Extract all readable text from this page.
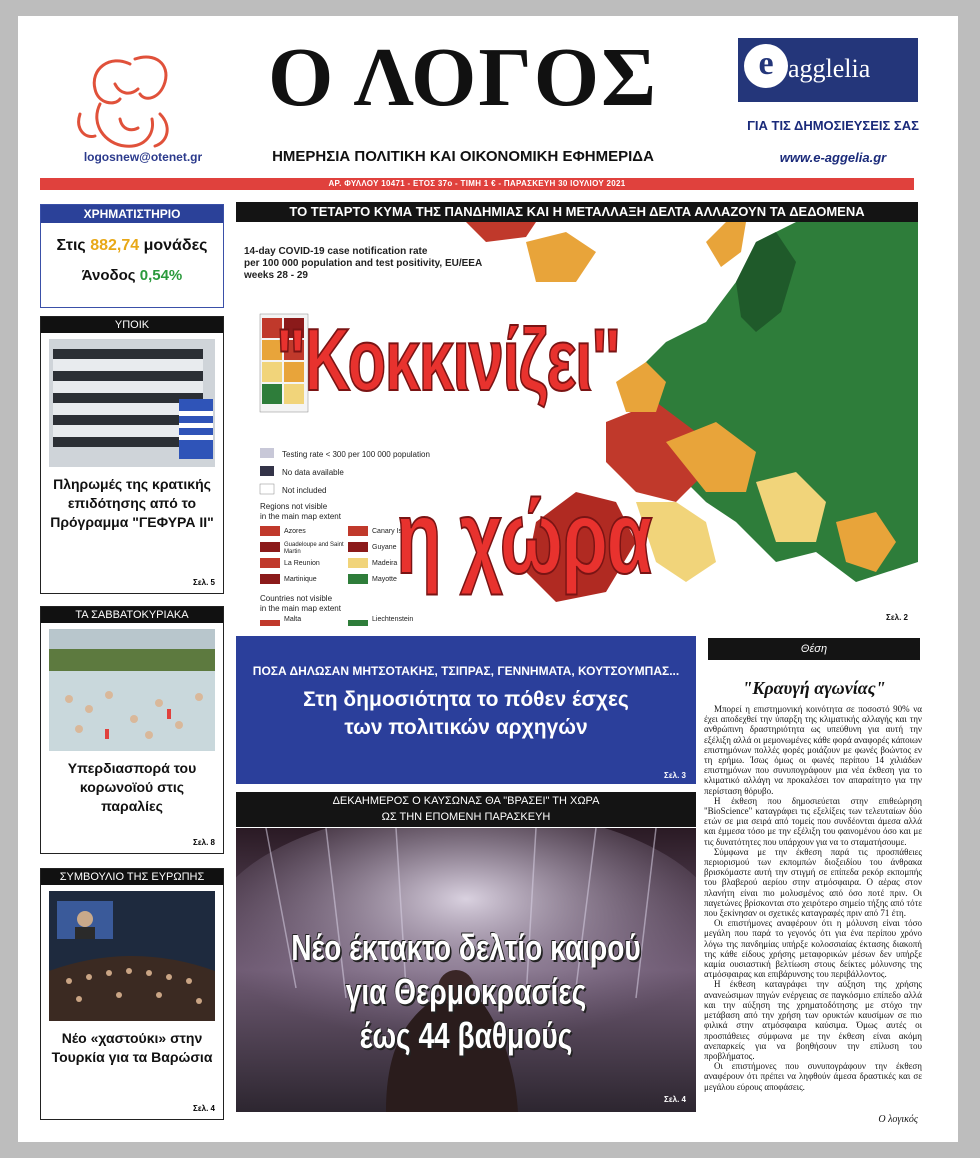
logosnew@otenet.gr
Ο ΛΟΓΟΣ
ΗΜΕΡΗΣΙΑ ΠΟΛΙΤΙΚΗ ΚΑΙ ΟΙΚΟΝΟΜΙΚΗ ΕΦΗΜΕΡΙΔΑ
e agglelia
ΓΙΑ ΤΙΣ ΔΗΜΟΣΙΕΥΣΕΙΣ ΣΑΣ
www.e-aggelia.gr
ΑΡ. ΦΥΛΛΟΥ 10471 - ΕΤΟΣ 37ο - ΤΙΜΗ 1 € - ΠΑΡΑΣΚΕΥΗ 30 ΙΟΥΛΙΟΥ 2021
ΧΡΗΜΑΤΙΣΤΗΡΙΟ
Στις 882,74 μονάδες
Άνοδος 0,54%
ΥΠΟΙΚ
Πληρωμές της κρατικής επιδότησης από το Πρόγραμμα "ΓΕΦΥΡΑ ΙΙ"
Σελ. 5
ΤΑ ΣΑΒΒΑΤΟΚΥΡΙΑΚΑ
Υπερδιασπορά του κορωνοϊού στις παραλίες
Σελ. 8
ΣΥΜΒΟΥΛΙΟ ΤΗΣ ΕΥΡΩΠΗΣ
Νέο «χαστούκι» στην Τουρκία για τα Βαρώσια
Σελ. 4
ΤΟ ΤΕΤΑΡΤΟ ΚΥΜΑ ΤΗΣ ΠΑΝΔΗΜΙΑΣ ΚΑΙ Η ΜΕΤΑΛΛΑΞΗ ΔΕΛΤΑ ΑΛΛΑΖΟΥΝ ΤΑ ΔΕΔΟΜΕΝΑ
14-day COVID-19 case notification rate
per 100 000 population and test positivity, EU/EEA
weeks 28 - 29
Testing rate < 300 per 100 000 population
No data available
Not included
Regions not visible
in the main map extent
Azores	Canary Is.
Guadeloupe and Saint Martin
Guyane
La Reunion	Madeira
Martinique	Mayotte
Countries not visible
in the main map extent
Malta	Liechtenstein
"Κοκκινίζει"
η χώρα
Σελ. 2
ΠΟΣΑ ΔΗΛΩΣΑΝ ΜΗΤΣΟΤΑΚΗΣ, ΤΣΙΠΡΑΣ, ΓΕΝΝΗΜΑΤΑ, ΚΟΥΤΣΟΥΜΠΑΣ...
Στη δημοσιότητα το πόθεν έσχες
των πολιτικών αρχηγών
Σελ. 3
ΔΕΚΑΗΜΕΡΟΣ Ο ΚΑΥΣΩΝΑΣ ΘΑ "ΒΡΑΣΕΙ" ΤΗ ΧΩΡΑ
ΩΣ ΤΗΝ ΕΠΟΜΕΝΗ ΠΑΡΑΣΚΕΥΗ
Νέο έκτακτο δελτίο καιρού
για Θερμοκρασίες
έως 44 βαθμούς
Σελ. 4
Θέση
"Κραυγή αγωνίας"

Μπορεί η επιστημονική κοινότητα σε ποσοστό 90% να έχει αποδεχθεί την ύπαρξη της κλιματικής αλλαγής και την ανθρώπινη δραστηριότητα ως υπεύθυνη για αυτή την εξέλιξη αλλά οι μεμονωμένες κάθε φορά αναφορές κάποιων επιστημόνων πολλές φορές μοιάζουν με φωνές βοώντος εν τη ερήμω. Ίσως όμως οι φωνές περίπου 14 χιλιάδων επιστημόνων που συνυπογράφουν μια νέα έκθεση για το κλιματικό αλλάγη να προκαλέσει τον απαραίτητο για την περίσταση θόρυβο.

Η έκθεση που δημοσιεύεται στην επιθεώρηση "BioScience" καταγράφει τις εξελίξεις των τελευταίων δύο ετών σε μια σειρά από τομείς που συνδέονται άμεσα αλλά και έμμεσα τόσο με την εξέλιξη του φαινομένου όσο και με τις δυνατότητες που υπάρχουν για να το σταματήσουμε.

Σύμφωνα με την έκθεση παρά τις προσπάθειες περιορισμού των εκπομπών διοξειδίου του άνθρακα βρισκόμαστε αυτή την στιγμή σε επίπεδα ρεκόρ εκπομπής του βλαβερού αερίου στην ατμόσφαιρα. Ο αέρας στον πλανήτη είναι πιο μολυσμένος από όσο ποτέ πριν. Οι παγετώνες βρίσκονται στο χειρότερο σημείο τήξης από τότε που ξεκίνησαν οι σχετικές καταγραφές πριν από 71 έτη.

Οι επιστήμονες αναφέρουν ότι η μόλυνση είναι τόσο μεγάλη που παρά το γεγονός ότι για ένα περίπου χρόνο λόγω της πανδημίας υπήρξε κολοσσιαίας έκτασης διακοπή της κάθε είδους χρήσης μεταφορικών μέσων δεν υπήρξε καμία ουσιαστική βελτίωση στους δείκτες μόλυνσης της ατμόσφαιρας και επιβάρυνσης του περιβάλλοντος.

Η έκθεση καταγράφει την αύξηση της χρήσης ανανεώσιμων πηγών ενέργειας σε παγκόσμιο επίπεδο αλλά και την αύξηση της χρηματοδότησης με στόχο την μετάβαση από την χρήση των ορυκτών καυσίμων σε πιο φιλικά στην ατμόσφαιρα καύσιμα. Όμως αυτές οι προσπάθειες σύμφωνα με την έκθεση είναι ακόμη ανεπαρκείς για να βοηθήσουν την επίλυση του προβλήματος.

Οι επιστήμονες που συνυπογράφουν την έκθεση αναφέρουν ότι πρέπει να ληφθούν άμεσα δραστικές και σε μεγάλου εύρους αποφάσεις.

Ο λογικός
